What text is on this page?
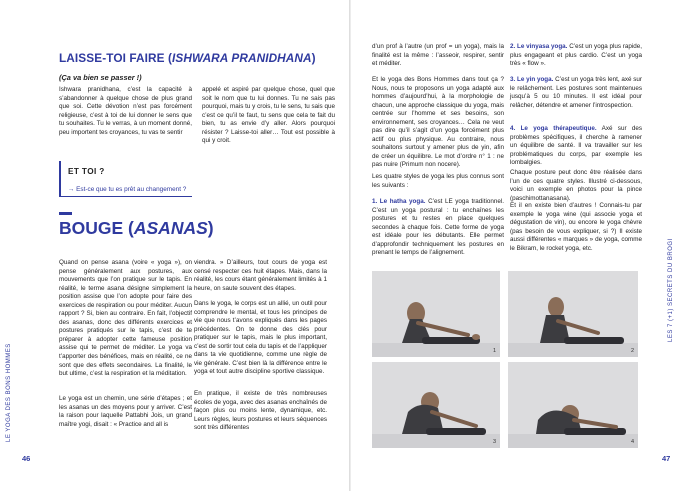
LAISSE-TOI FAIRE (ISHWARA PRANIDHANA)
(Ça va bien se passer !)
Ishwara pranidhana, c’est la capacité à s’abandonner à quelque chose de plus grand que soi. Cette dévotion n’est pas forcément religieuse, c’est à toi de lui donner le sens que tu souhaites. Tu le verras, à un moment donné, peu importent tes croyances, tu vas te sentir
appelé et aspiré par quelque chose, quel que soit le nom que tu lui donnes. Tu ne sais pas pourquoi, mais tu y crois, tu le sens, tu sais que c’est ce qu’il te faut, tu sens que cela te fait du bien, tu as envie d’y aller. Alors pourquoi résister ? Laisse-toi aller… Tout est possible à qui y croit.
ET TOI ?
→ Est-ce que tu es prêt au changement ?
BOUGE (ASANAS)
Quand on pense asana (voire « yoga »), on pense généralement aux postures, aux mouvements que l’on pratique sur le tapis. En réalité, le terme asana désigne simplement la position assise que l’on adopte pour faire des exercices de respiration ou pour méditer. Aucun rapport ? Si, bien au contraire. En fait, l’objectif des asanas, donc des différents exercices et postures pratiqués sur le tapis, c’est de te préparer à adopter cette fameuse position assise qui te permet de méditer. Le yoga va t’apporter des bénéfices, mais en réalité, ce ne sont que des effets secondaires. La finalité, le but ultime, c’est la respiration et la méditation.
Le yoga est un chemin, une série d’étapes ; et les asanas un des moyens pour y arriver. C’est la raison pour laquelle Pattabhi Jois, un grand maître yogi, disait : « Practice and all is
viendra. » D’ailleurs, tout cours de yoga est censé respecter ces huit étapes. Mais, dans la réalité, les cours étant généralement limités à 1 heure, on saute souvent des étapes.
Dans le yoga, le corps est un allié, un outil pour comprendre le mental, et tous les principes de vie que nous t’avons expliqués dans les pages précédentes. On te donne des clés pour pratiquer sur le tapis, mais le plus important, c’est de sortir tout cela du tapis et de l’appliquer dans ta vie quotidienne, comme une règle de vie générale. C’est bien là la différence entre le yoga et tout autre discipline sportive classique.
En pratique, il existe de très nombreuses écoles de yoga, avec des asanas enchaînés de façon plus ou moins lente, dynamique, etc. Leurs règles, leurs postures et leurs séquences sont très différentes
46
LE YOGA DES BONS HOMMES
d’un prof à l’autre (un prof = un yoga), mais la finalité est la même : l’asseoir, respirer, sentir et méditer.
Et le yoga des Bons Hommes dans tout ça ? Nous, nous te proposons un yoga adapté aux hommes d’aujourd’hui, à la morphologie de chacun, une approche classique du yoga, mais centrée sur l’homme et ses besoins, son environnement, ses croyances… Cela ne veut pas dire qu’il s’agit d’un yoga forcément plus actif ou plus physique. Au contraire, nous souhaitons surtout y amener plus de yin, afin de créer un équilibre. Le mot d’ordre n° 1 : ne pas nuire (Primum non nocere).
Les quatre styles de yoga les plus connus sont les suivants :
1. Le hatha yoga. C’est LE yoga traditionnel. C’est un yoga postural : tu enchaînes les postures et tu restes en place quelques secondes à chaque fois. Cette forme de yoga est idéale pour les débutants. Elle permet d’approfondir techniquement les postures en prenant le temps de l’alignement.
2. Le vinyasa yoga. C’est un yoga plus rapide, plus engageant et plus cardio. C’est un yoga très « flow ».
3. Le yin yoga. C’est un yoga très lent, axé sur le relâchement. Les postures sont maintenues jusqu’à 5 ou 10 minutes. Il est idéal pour relâcher, détendre et amener l’introspection.
4. Le yoga thérapeutique. Axé sur des problèmes spécifiques, il cherche à ramener un équilibre de santé. Il va travailler sur les problématiques du corps, par exemple les lombalgies.
Chaque posture peut donc être réalisée dans l’un de ces quatre styles. Illustré ci-dessous, voici un exemple en photos pour la pince (paschimottanasana).
Et il en existe bien d’autres ! Connais-tu par exemple le yoga wine (qui associe yoga et dégustation de vin), ou encore le yoga chèvre (pas besoin de vous expliquer, si ?) Il existe aussi différentes « marques » de yoga, comme le Bikram, le rocket yoga, etc.
1	2
3	4
47
LES 7 (+1) SECRETS DU BROGI
